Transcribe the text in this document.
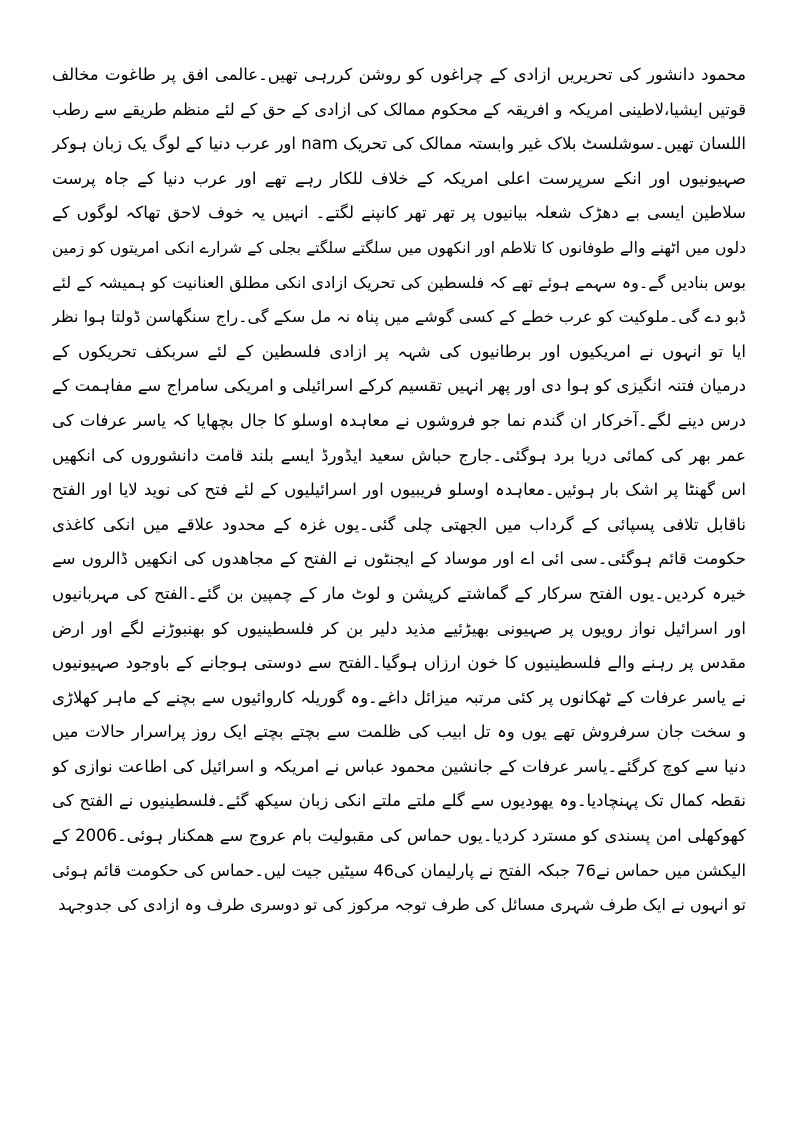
محمود دانشور کی تحریریں ازادی کے چراغوں کو روشن کررہی تھیں۔عالمی افق پر طاغوت مخالف
قوتیں ایشیا،لاطینی امریکہ و افریقہ کے محکوم ممالک کی ازادی کے حق کے لئے منظم طریقے سے رطب
اللسان تھیں۔سوشلسٹ بلاک غیر وابستہ ممالک کی تحریک nam اور عرب دنیا کے لوگ یک زبان ہوکر
صہیونیوں اور انکے سرپرست اعلی امریکہ کے خلاف للکار رہے تھے اور عرب دنیا کے جاہ پرست
سلاطین ایسی بے دھڑک شعلہ بیانیوں پر تھر تھر کانپنے لگتے۔ انہیں یہ خوف لاحق تھاکہ لوگوں کے
دلوں میں اٹھنے والے طوفانوں کا تلاطم اور انکھوں میں سلگتے سلگتے بجلی کے شرارے انکی امریتوں کو زمین
بوس بنادیں گے۔وہ سہمے ہوئے تھے کہ فلسطین کی تحریک ازادی انکی مطلق العنانیت کو ہمیشہ کے لئے
ڈبو دے گی۔ملوکیت کو عرب خطے کے کسی گوشے میں پناہ نہ مل سکے گی۔راج سنگھاسن ڈولتا ہوا نظر
ایا تو انہوں نے امریکیوں اور برطانیوں کی شہہ پر ازادی فلسطین کے لئے سربکف تحریکوں کے
درمیان فتنہ انگیزی کو ہوا دی اور پھر انہیں تقسیم کرکے اسرائیلی و امریکی سامراج سے مفاہمت کے
درس دینے لگے۔آخرکار ان گندم نما جو فروشوں نے معاہدہ اوسلو کا جال بچھایا کہ یاسر عرفات کی
عمر بھر کی کمائی دریا برد ہوگئی۔جارج حباش سعید ایڈورڈ ایسے بلند قامت دانشوروں کی انکھیں
اس گھنٹا پر اشک بار ہوئیں۔معاہدہ اوسلو فریبیوں اور اسرائیلیوں کے لئے فتح کی نوید لایا اور الفتح
ناقابل تلافی پسپائی کے گرداب میں الجھتی چلی گئی۔یوں غزہ کے محدود علاقے میں انکی کاغذی
حکومت قائم ہوگئی۔سی ائی اے اور موساد کے ایجنٹوں نے الفتح کے مجاھدوں کی انکھیں ڈالروں سے
خیرہ کردیں۔یوں الفتح سرکار کے گماشتے کرپشن و لوٹ مار کے چمپین بن گئے۔الفتح کی مہربانیوں
اور اسرائیل نواز رویوں پر صہیونی بھیڑئیے مذید دلیر بن کر فلسطینیوں کو بھنبوڑنے لگے اور ارض
مقدس پر رہنے والے فلسطینیوں کا خون ارزاں ہوگیا۔الفتح سے دوستی ہوجانے کے باوجود صہیونیوں
نے یاسر عرفات کے ٹھکانوں پر کئی مرتبہ میزائل داغے۔وہ گوریلہ کاروائیوں سے بچنے کے ماہر کھلاڑی
و سخت جان سرفروش تھے یوں وہ تل ابیب کی ظلمت سے بچتے بچتے ایک روز پراسرار حالات میں
دنیا سے کوچ کرگئے۔یاسر عرفات کے جانشین محمود عباس نے امریکہ و اسرائیل کی اطاعت نوازی کو
نقطہ کمال تک پہنچادیا۔وہ یھودیوں سے گلے ملتے ملتے انکی زبان سیکھ گئے۔فلسطینیوں نے الفتح کی
کھوکھلی امن پسندی کو مسترد کردیا۔یوں حماس کی مقبولیت بام عروج سے ھمکنار ہوئی۔2006 کے
الیکشن میں حماس نے76 جبکہ الفتح نے پارلیمان کی46 سیٹیں جیت لیں۔حماس کی حکومت قائم ہوئی
تو انہوں نے ایک طرف شہری مسائل کی طرف توجہ مرکوز کی تو دوسری طرف وہ ازادی کی جدوجہد
